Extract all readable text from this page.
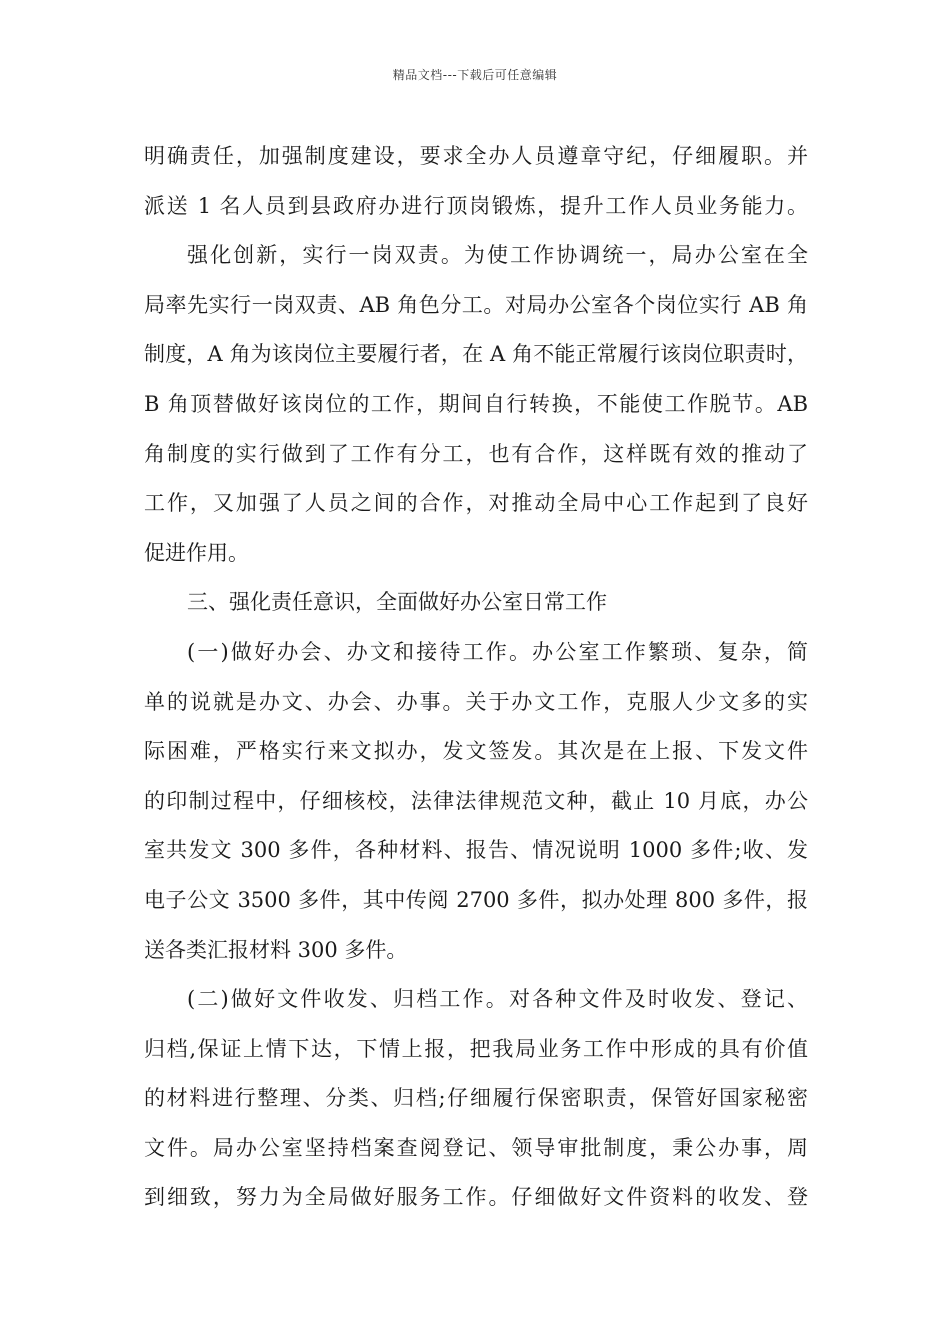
精品文档---下载后可任意编辑
明确责任，加强制度建设，要求全办人员遵章守纪，仔细履职。并
派送 1 名人员到县政府办进行顶岗锻炼，提升工作人员业务能力。
强化创新，实行一岗双责。为使工作协调统一，局办公室在全
局率先实行一岗双责、AB 角色分工。对局办公室各个岗位实行 AB 角
制度，A 角为该岗位主要履行者，在 A 角不能正常履行该岗位职责时，
B 角顶替做好该岗位的工作，期间自行转换，不能使工作脱节。AB
角制度的实行做到了工作有分工，也有合作，这样既有效的推动了
工作，又加强了人员之间的合作，对推动全局中心工作起到了良好
促进作用。
三、强化责任意识，全面做好办公室日常工作
(一)做好办会、办文和接待工作。办公室工作繁琐、复杂，简
单的说就是办文、办会、办事。关于办文工作，克服人少文多的实
际困难，严格实行来文拟办，发文签发。其次是在上报、下发文件
的印制过程中，仔细核校，法律法律规范文种，截止 10 月底，办公
室共发文 300 多件，各种材料、报告、情况说明 1000 多件;收、发
电子公文 3500 多件，其中传阅 2700 多件，拟办处理 800 多件，报
送各类汇报材料 300 多件。
(二)做好文件收发、归档工作。对各种文件及时收发、登记、
归档,保证上情下达，下情上报，把我局业务工作中形成的具有价值
的材料进行整理、分类、归档;仔细履行保密职责，保管好国家秘密
文件。局办公室坚持档案查阅登记、领导审批制度，秉公办事，周
到细致，努力为全局做好服务工作。仔细做好文件资料的收发、登
